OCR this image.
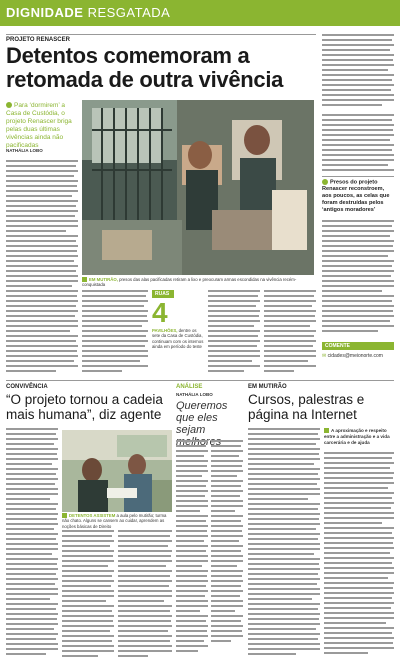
DIGNIDADE RESGATADA
PROJETO RENASCER
Detentos comemoram a retomada de outra vivência
Para ‘dormirem’ a Casa de Custódia, o projeto Renascer briga pelas duas últimas vivências ainda não pacificadas
NATHÁLIA LOBO
EM MUTIRÃO, presos das alas pacificadas retiram a lixo e preocuram armas escondidas na vivência recém-conquistada
RUAS
4
PAVILHÕES, dentre os sete da Casa de Custódia, continuam com os internos ainda em período do teste
Presos do projeto Renascer reconstroem, aos poucos, as celas que foram destruídas pelos ‘antigos moradores’
COMENTE
✉ cidades@meionorte.com
CONVIVÊNCIA
“O projeto tornou a cadeia mais humana”, diz agente
DETENTOS ASSISTEM a aula pelo mutirão; turma não chato. Alguns se cansem ao cuidar, aprendem as noções básicas de Direito
ANÁLISE
NATHÁLIA LOBO
Queremos que eles sejam
EM MUTIRÃO
Cursos, palestras e página na Internet
A aproximação e respeito entre a administração e a vida carcerária e de ajuda
